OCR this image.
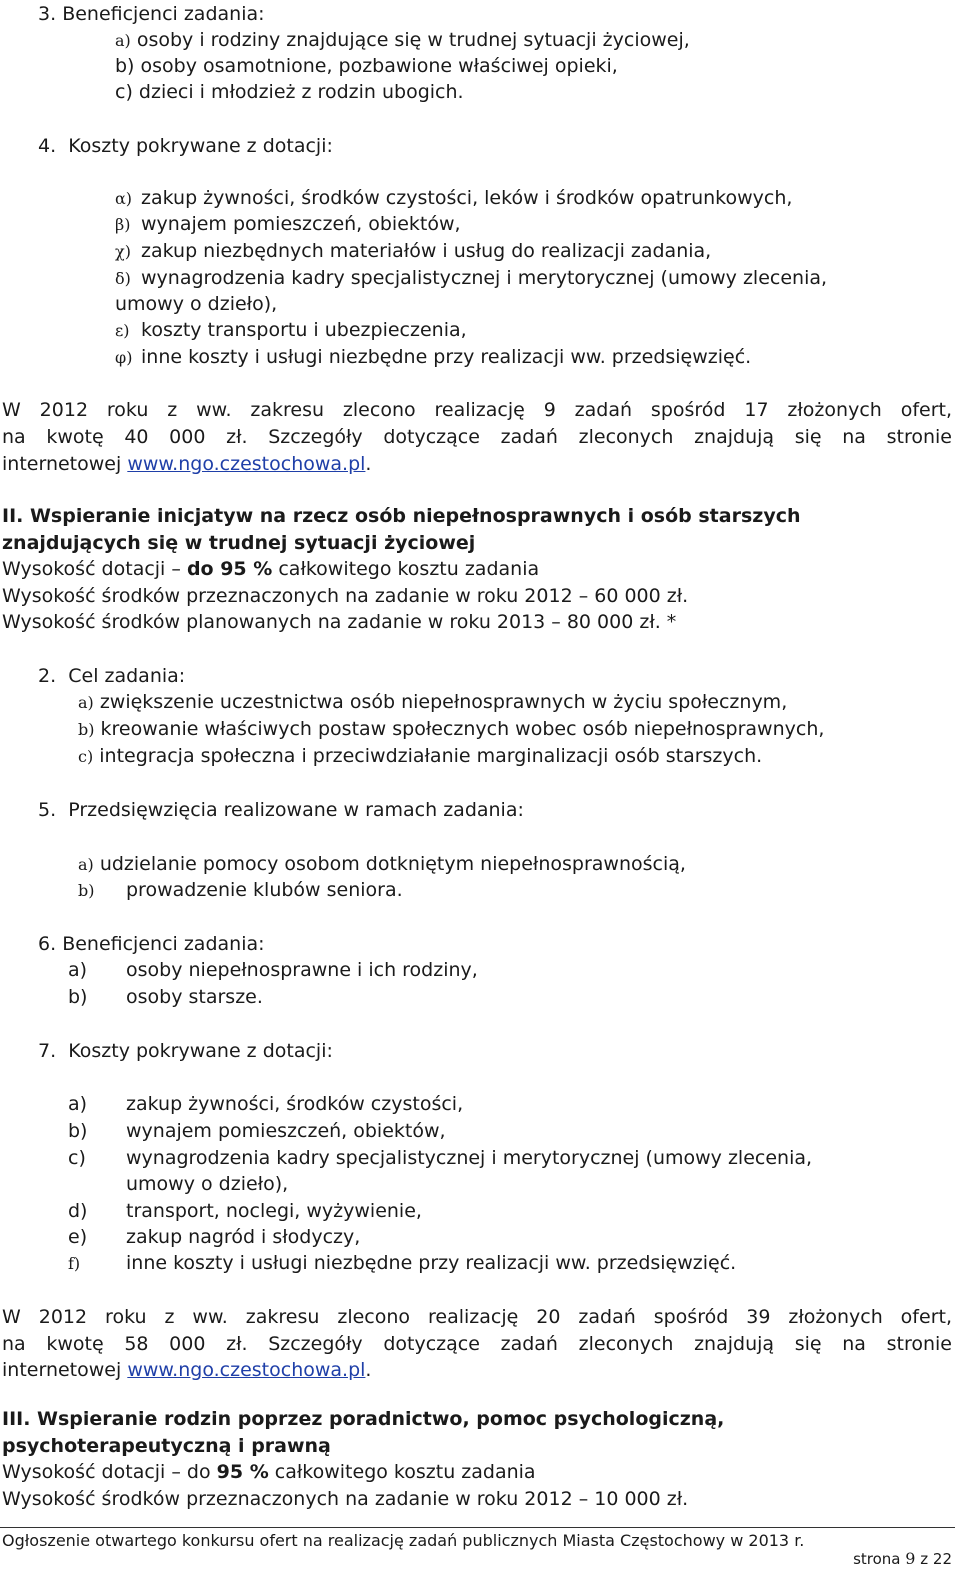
3. Beneficjenci zadania:
a) osoby i rodziny znajdujące się w trudnej sytuacji życiowej,
b) osoby osamotnione, pozbawione właściwej opieki,
c) dzieci i młodzież z rodzin ubogich.
4. Koszty pokrywane z dotacji:
α) zakup żywności, środków czystości, leków i środków opatrunkowych,
β) wynajem pomieszczeń, obiektów,
χ) zakup niezbędnych materiałów i usług do realizacji zadania,
δ) wynagrodzenia kadry specjalistycznej i merytorycznej (umowy zlecenia,
umowy o dzieło),
ε) koszty transportu i ubezpieczenia,
φ) inne koszty i usługi niezbędne przy realizacji ww. przedsięwzięć.
W 2012 roku z ww. zakresu zlecono realizację 9 zadań spośród 17 złożonych ofert,
na kwotę 40 000 zł. Szczegóły dotyczące zadań zleconych znajdują się na stronie
internetowej www.ngo.czestochowa.pl.
II. Wspieranie inicjatyw na rzecz osób niepełnosprawnych i osób starszych
znajdujących się w trudnej sytuacji życiowej
Wysokość dotacji – do 95 % całkowitego kosztu zadania
Wysokość środków przeznaczonych na zadanie w roku 2012 – 60 000 zł.
Wysokość środków planowanych na zadanie w roku 2013 – 80 000 zł. *
2. Cel zadania:
a) zwiększenie uczestnictwa osób niepełnosprawnych w życiu społecznym,
b) kreowanie właściwych postaw społecznych wobec osób niepełnosprawnych,
c) integracja społeczna i przeciwdziałanie marginalizacji osób starszych.
5. Przedsięwzięcia realizowane w ramach zadania:
a) udzielanie pomocy osobom dotkniętym niepełnosprawnością,
b) prowadzenie klubów seniora.
6. Beneficjenci zadania:
a) osoby niepełnosprawne i ich rodziny,
b) osoby starsze.
7. Koszty pokrywane z dotacji:
a) zakup żywności, środków czystości,
b) wynajem pomieszczeń, obiektów,
c) wynagrodzenia kadry specjalistycznej i merytorycznej (umowy zlecenia,
umowy o dzieło),
d) transport, noclegi, wyżywienie,
e) zakup nagród i słodyczy,
f) inne koszty i usługi niezbędne przy realizacji ww. przedsięwzięć.
W 2012 roku z ww. zakresu zlecono realizację 20 zadań spośród 39 złożonych ofert,
na kwotę 58 000 zł. Szczegóły dotyczące zadań zleconych znajdują się na stronie
internetowej www.ngo.czestochowa.pl.
III. Wspieranie rodzin poprzez poradnictwo, pomoc psychologiczną,
psychoterapeutyczną i prawną
Wysokość dotacji – do 95 % całkowitego kosztu zadania
Wysokość środków przeznaczonych na zadanie w roku 2012 – 10 000 zł.
Ogłoszenie otwartego konkursu ofert na realizację zadań publicznych Miasta Częstochowy w 2013 r.
strona 9 z 22
